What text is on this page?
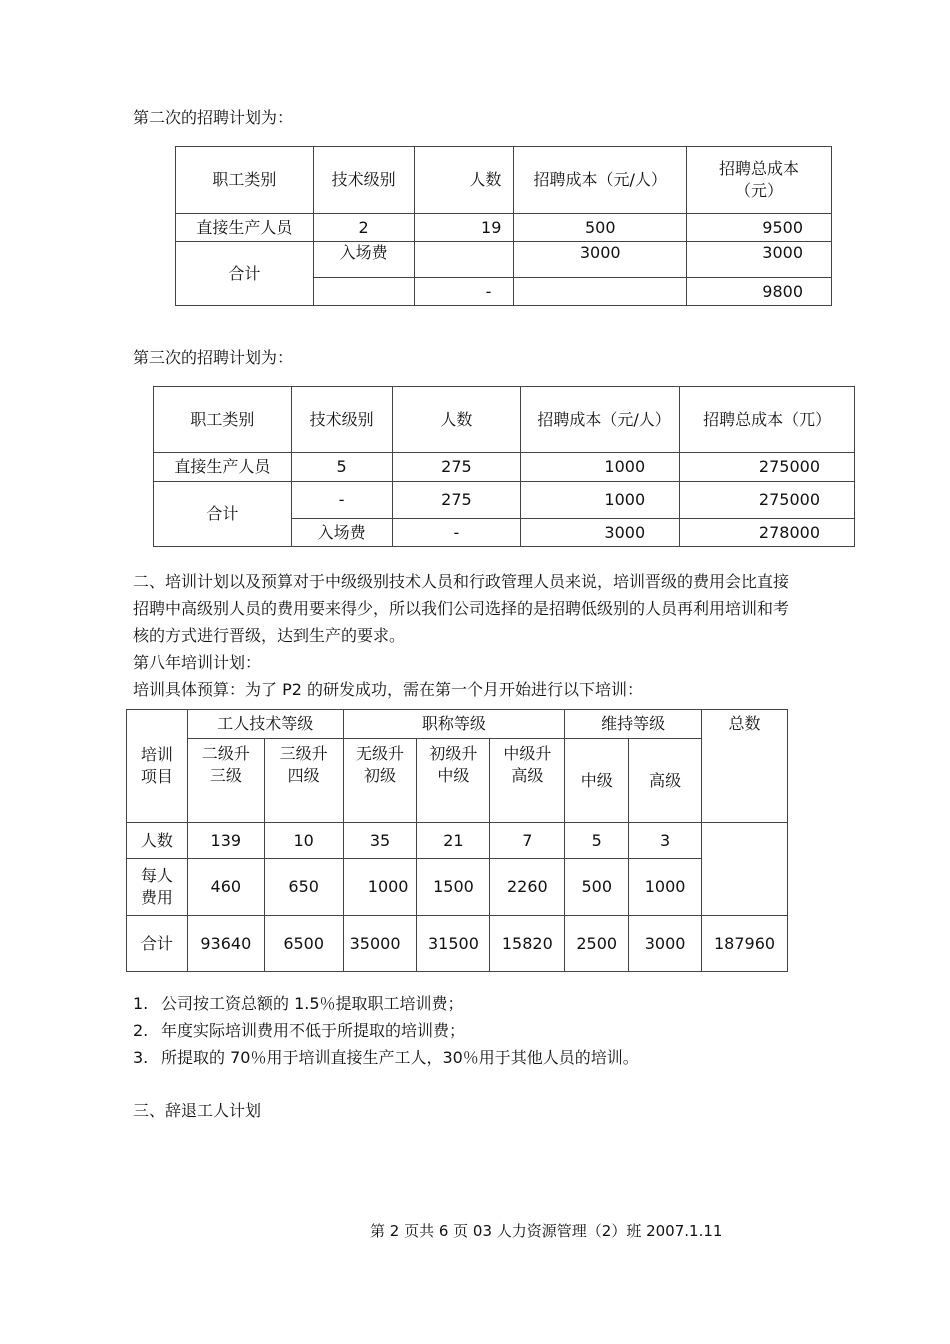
第二次的招聘计划为：
职工类别	技术级别	人数	招聘成本（元/人）	招聘总成本（元）
直接生产人员	2	19	500	9500
合计	入场费		3000	3000
		-		9800
第三次的招聘计划为：
职工类别	技术级别	人数	招聘成本（元/人）	招聘总成本（兀）
直接生产人员	5	275	1000	275000
合计	-	275	1000	275000
	入场费	-	3000	278000
二、培训计划以及预算对于中级级别技术人员和行政管理人员来说，培训晋级的费用会比直接
招聘中高级别人员的费用要来得少，所以我们公司选择的是招聘低级别的人员再利用培训和考
核的方式进行晋级，达到生产的要求。
第八年培训计划：
培训具体预算：为了 P2 的研发成功，需在第一个月开始进行以下培训：
培训项目	工人技术等级		职称等级			维持等级		总数
	二级升三级	三级升四级	无级升初级	初级升中级	中级升高级	中级	高级	
人数	139	10	35	21	7	5	3	
每人费用	460	650	1000	1500	2260	500	1000	
合计	93640	6500	35000	31500	15820	2500	3000	187960
1. 公司按工资总额的 1.5％提取职工培训费；
2. 年度实际培训费用不低于所提取的培训费；
3. 所提取的 70％用于培训直接生产工人，30％用于其他人员的培训。
三、辞退工人计划
第 2 页共 6 页 03 人力资源管理（2）班 2007.1.11
